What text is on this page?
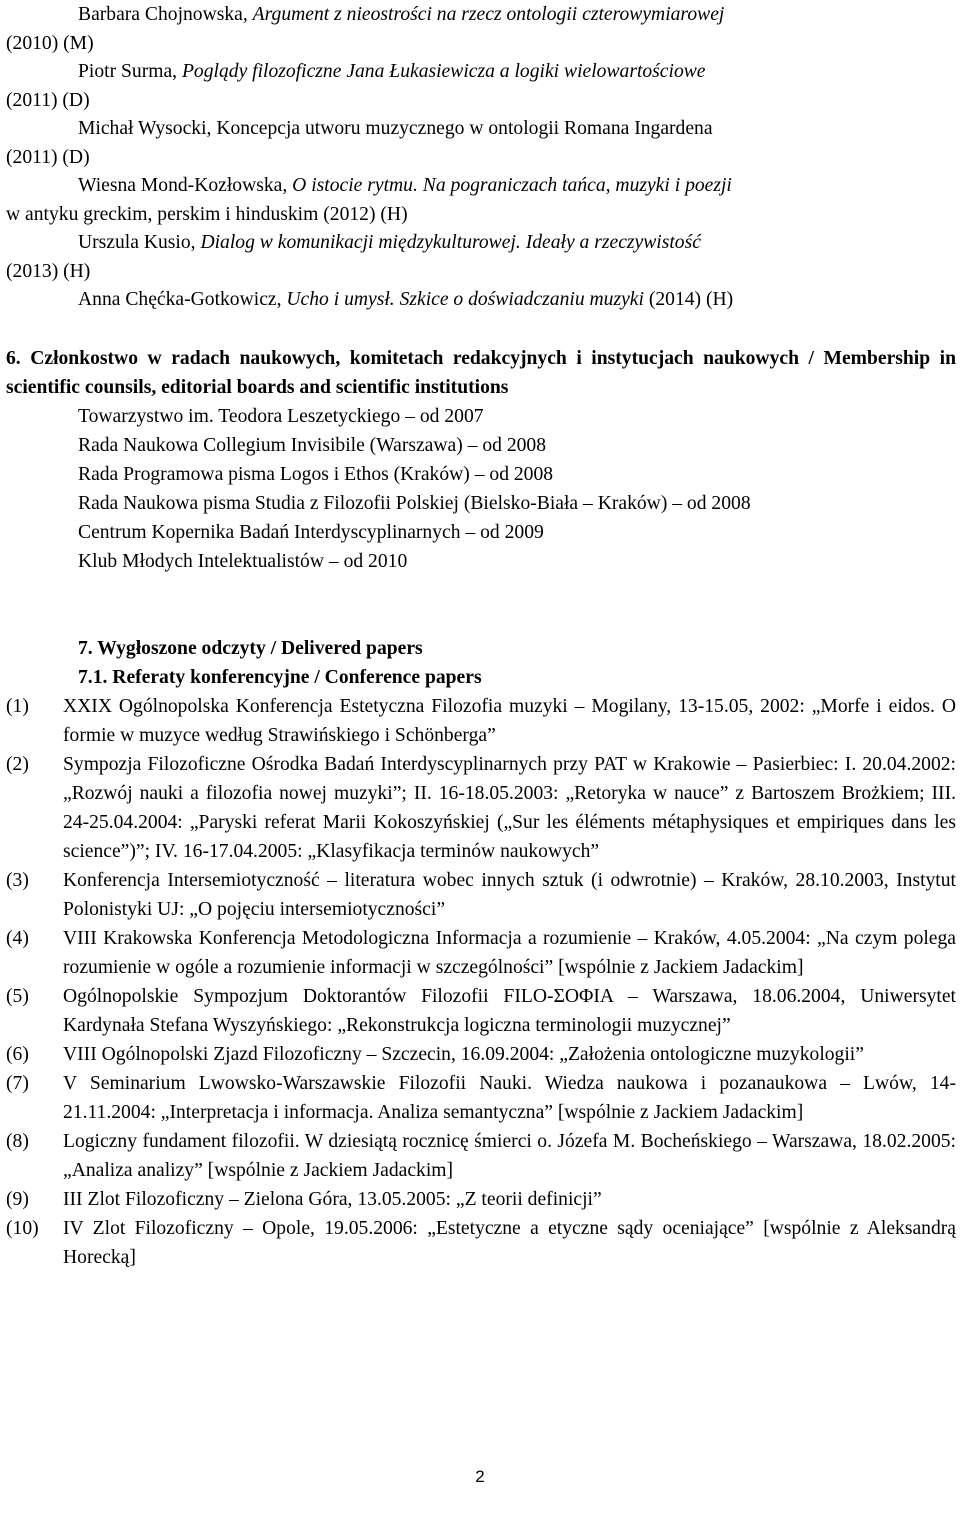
Barbara Chojnowska, Argument z nieostrości na rzecz ontologii czterowymiarowej
(2010) (M)
Piotr Surma, Poglądy filozoficzne Jana Łukasiewicza a logiki wielowartościowe
(2011) (D)
Michał Wysocki, Koncepcja utworu muzycznego w ontologii Romana Ingardena
(2011) (D)
Wiesna Mond-Kozłowska, O istocie rytmu. Na pograniczach tańca, muzyki i poezji
w antyku greckim, perskim i hinduskim (2012) (H)
Urszula Kusio, Dialog w komunikacji międzykulturowej. Ideały a rzeczywistość
(2013) (H)
Anna Chęćka-Gotkowicz, Ucho i umysł. Szkice o doświadczaniu muzyki (2014) (H)
6. Członkostwo w radach naukowych, komitetach redakcyjnych i instytucjach naukowych / Membership in scientific counsils, editorial boards and scientific institutions
Towarzystwo im. Teodora Leszetyckiego – od 2007
Rada Naukowa Collegium Invisibile (Warszawa) – od 2008
Rada Programowa pisma Logos i Ethos (Kraków) – od 2008
Rada Naukowa pisma Studia z Filozofii Polskiej (Bielsko-Biała – Kraków) – od 2008
Centrum Kopernika Badań Interdyscyplinarnych – od 2009
Klub Młodych Intelektualistów – od 2010
7. Wygłoszone odczyty / Delivered papers
7.1. Referaty konferencyjne / Conference papers
(1) XXIX Ogólnopolska Konferencja Estetyczna Filozofia muzyki – Mogilany, 13-15.05, 2002: „Morfe i eidos. O formie w muzyce według Strawińskiego i Schönberga”
(2) Sympozja Filozoficzne Ośrodka Badań Interdyscyplinarnych przy PAT w Krakowie – Pasierbiec: I. 20.04.2002: „Rozwój nauki a filozofia nowej muzyki”; II. 16-18.05.2003: „Retoryka w nauce” z Bartoszem Brożkiem; III. 24-25.04.2004: „Paryski referat Marii Kokoszyńskiej („Sur les éléments métaphysiques et empiriques dans les science”)”; IV. 16-17.04.2005: „Klasyfikacja terminów naukowych”
(3) Konferencja Intersemiotyczność – literatura wobec innych sztuk (i odwrotnie) – Kraków, 28.10.2003, Instytut Polonistyki UJ: „O pojęciu intersemiotyczności”
(4) VIII Krakowska Konferencja Metodologiczna Informacja a rozumienie – Kraków, 4.05.2004: „Na czym polega rozumienie w ogóle a rozumienie informacji w szczególności” [wspólnie z Jackiem Jadackim]
(5) Ogólnopolskie Sympozjum Doktorantów Filozofii FILO-ΣΟΦΙΑ – Warszawa, 18.06.2004, Uniwersytet Kardynała Stefana Wyszyńskiego: „Rekonstrukcja logiczna terminologii muzycznej”
(6) VIII Ogólnopolski Zjazd Filozoficzny – Szczecin, 16.09.2004: „Założenia ontologiczne muzykologii”
(7) V Seminarium Lwowsko-Warszawskie Filozofii Nauki. Wiedza naukowa i pozanaukowa – Lwów, 14-21.11.2004: „Interpretacja i informacja. Analiza semantyczna” [wspólnie z Jackiem Jadackim]
(8) Logiczny fundament filozofii. W dziesiątą rocznicę śmierci o. Józefa M. Bocheńskiego – Warszawa, 18.02.2005: „Analiza analizy” [wspólnie z Jackiem Jadackim]
(9) III Zlot Filozoficzny – Zielona Góra, 13.05.2005: „Z teorii definicji”
(10) IV Zlot Filozoficzny – Opole, 19.05.2006: „Estetyczne a etyczne sądy oceniające” [wspólnie z Aleksandrą Horecką]
2
